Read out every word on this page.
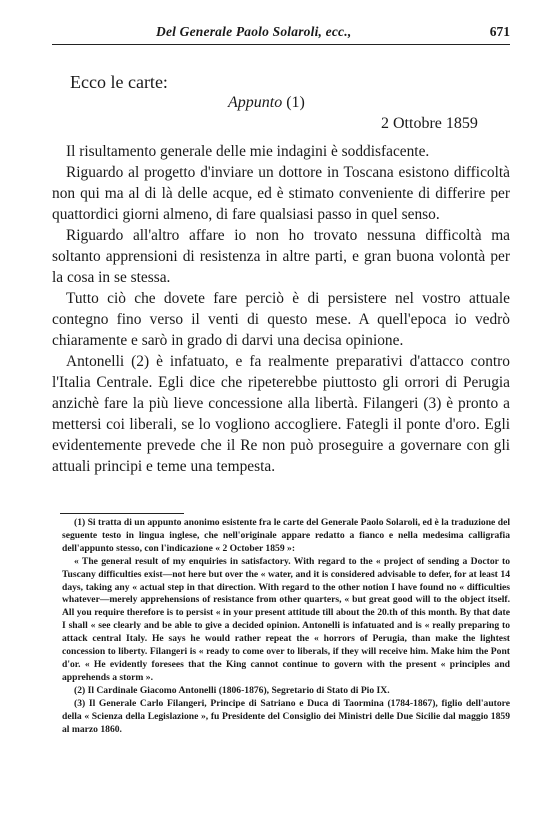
Del Generale Paolo Solaroli, ecc.,	671
Ecco le carte:
Appunto (1)
2 Ottobre 1859

Il risultamento generale delle mie indagini è soddisfacente.

Riguardo al progetto d'inviare un dottore in Toscana esistono difficoltà non qui ma al di là delle acque, ed è stimato conveniente di differire per quattordici giorni almeno, di fare qualsiasi passo in quel senso.

Riguardo all'altro affare io non ho trovato nessuna difficoltà ma soltanto apprensioni di resistenza in altre parti, e gran buona volontà per la cosa in se stessa.

Tutto ciò che dovete fare perciò è di persistere nel vostro attuale contegno fino verso il venti di questo mese. A quell'epoca io vedrò chiaramente e sarò in grado di darvi una decisa opinione.

Antonelli (2) è infatuato, e fa realmente preparativi d'attacco contro l'Italia Centrale. Egli dice che ripeterebbe piuttosto gli orrori di Perugia anzichè fare la più lieve concessione alla libertà. Filangeri (3) è pronto a mettersi coi liberali, se lo vogliono accogliere. Fategli il ponte d'oro. Egli evidentemente prevede che il Re non può proseguire a governare con gli attuali principi e teme una tempesta.

(1) Si tratta di un appunto anonimo esistente fra le carte del Generale Paolo Solaroli, ed è la traduzione del seguente testo in lingua inglese, che nell'originale appare redatto a fianco e nella medesima calligrafia dell'appunto stesso, con l'indicazione « 2 October 1859 »:

« The general result of my enquiries in satisfactory. With regard to the « project of sending a Doctor to Tuscany difficulties exist—not here but over the « water, and it is considered advisable to defer, for at least 14 days, taking any « actual step in that direction. With regard to the other notion I have found no « difficulties whatever—merely apprehensions of resistance from other quarters, « but great good will to the object itself. All you require therefore is to persist « in your present attitude till about the 20.th of this month. By that date I shall « see clearly and be able to give a decided opinion. Antonelli is infatuated and is « really preparing to attack central Italy. He says he would rather repeat the « horrors of Perugia, than make the lightest concession to liberty. Filangeri is « ready to come over to liberals, if they will receive him. Make him the Pont d'or. « He evidently foresees that the King cannot continue to govern with the present « principles and apprehends a storm ».

(2) Il Cardinale Giacomo Antonelli (1806-1876), Segretario di Stato di Pio IX.

(3) Il Generale Carlo Filangeri, Principe di Satriano e Duca di Taormina (1784-1867), figlio dell'autore della « Scienza della Legislazione », fu Presidente del Consiglio dei Ministri delle Due Sicilie dal maggio 1859 al marzo 1860.
